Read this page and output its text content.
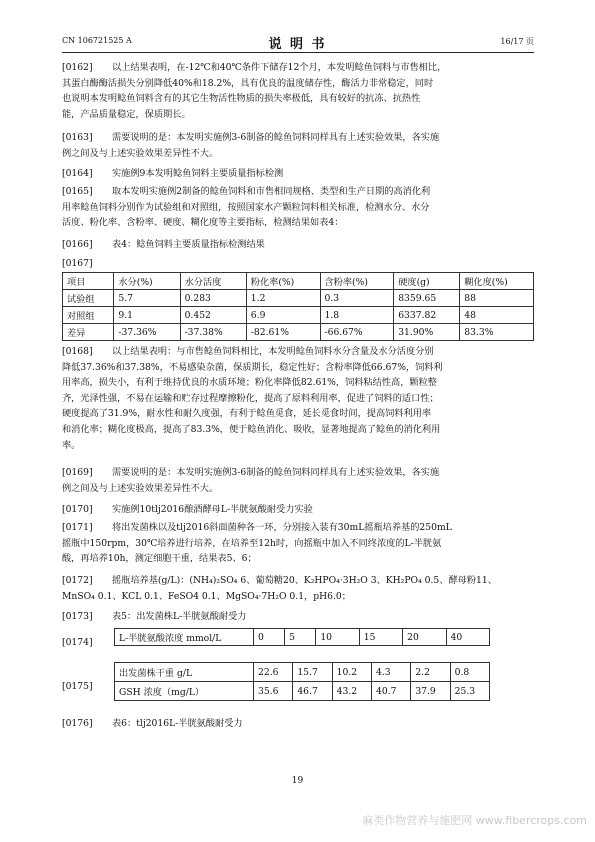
CN 106721525 A	说 明 书	16/17 页
[0162] 以上结果表明，在-12℃和40℃条件下储存12个月，本发明鲶鱼饲料与市售相比，
其蛋白酶酶活损失分别降低40%和18.2%，具有优良的温度储存性，酶活力非常稳定，同时
也说明本发明鲶鱼饲料含有的其它生物活性物质的损失率极低，具有较好的抗冻、抗热性
能，产品质量稳定，保质期长。
[0163] 需要说明的是：本发明实施例3-6制备的鲶鱼饲料同样具有上述实验效果，各实施
例之间及与上述实验效果差异性不大。
[0164] 实施例9本发明鲶鱼饲料主要质量指标检测
[0165] 取本发明实施例2制备的鲶鱼饲料和市售相同规格、类型和生产日期的高消化利
用率鲶鱼饲料分别作为试验组和对照组，按照国家水产颗粒饲料相关标准，检测水分、水分
活度、粉化率、含粉率、硬度、糊化度等主要指标，检测结果如表4：
[0166] 表4：鲶鱼饲料主要质量指标检测结果
[0167]
项目	水分(%)	水分活度	粉化率(%)	含粉率(%)	硬度(g)	糊化度(%)
试验组	5.7	0.283	1.2	0.3	8359.65	88
对照组	9.1	0.452	6.9	1.8	6337.82	48
差异	-37.36%	-37.38%	-82.61%	-66.67%	31.90%	83.3%
[0168] 以上结果表明：与市售鲶鱼饲料相比，本发明鲶鱼饲料水分含量及水分活度分别
降低37.36%和37.38%，不易感染杂菌，保质期长，稳定性好；含粉率降低66.67%，饲料利
用率高，损失小，有利于维持优良的水质环境；粉化率降低82.61%，饲料粘结性高，颗粒整
齐，光泽性强，不易在运输和贮存过程摩擦粉化，提高了原料利用率，促进了饲料的适口性；
硬度提高了31.9%，耐水性和耐久度强，有利于鲶鱼觅食，延长觅食时间，提高饲料利用率
和消化率；糊化度极高，提高了83.3%，便于鲶鱼消化、吸收，显著地提高了鲶鱼的消化利用
率。
[0169] 需要说明的是：本发明实施例3-6制备的鲶鱼饲料同样具有上述实验效果，各实施
例之间及与上述实验效果差异性不大。
[0170] 实施例10tlj2016酿酒酵母L-半胱氨酸耐受力实验
[0171] 将出发菌株以及tlj2016斜面菌种各一环，分别接入装有30mL摇瓶培养基的250mL
摇瓶中150rpm，30℃培养进行培养，在培养至12h时，向摇瓶中加入不同终浓度的L-半胱氨
酸，再培养10h，测定细胞干重，结果表5、6；
[0172] 摇瓶培养基(g/L)：(NH₄)₂SO₄ 6、葡萄糖20、K₂HPO₄·3H₂O 3、KH₂PO₄ 0.5、酵母粉11、
MnSO₄ 0.1、KCL 0.1、FeSO4 0.1、MgSO₄·7H₂O 0.1，pH6.0；
[0173] 表5：出发菌株L-半胱氨酸耐受力
[0174]	L-半胱氨酸浓度 mmol/L	0	5	10	15	20	40
[0175]
出发菌株干重 g/L	22.6	15.7	10.2	4.3	2.2	0.8
GSH 浓度（mg/L）	35.6	46.7	43.2	40.7	37.9	25.3
[0176] 表6：tlj2016L-半胱氨酸耐受力
19
麻类作物营养与施肥网 www.fibercrops.com
